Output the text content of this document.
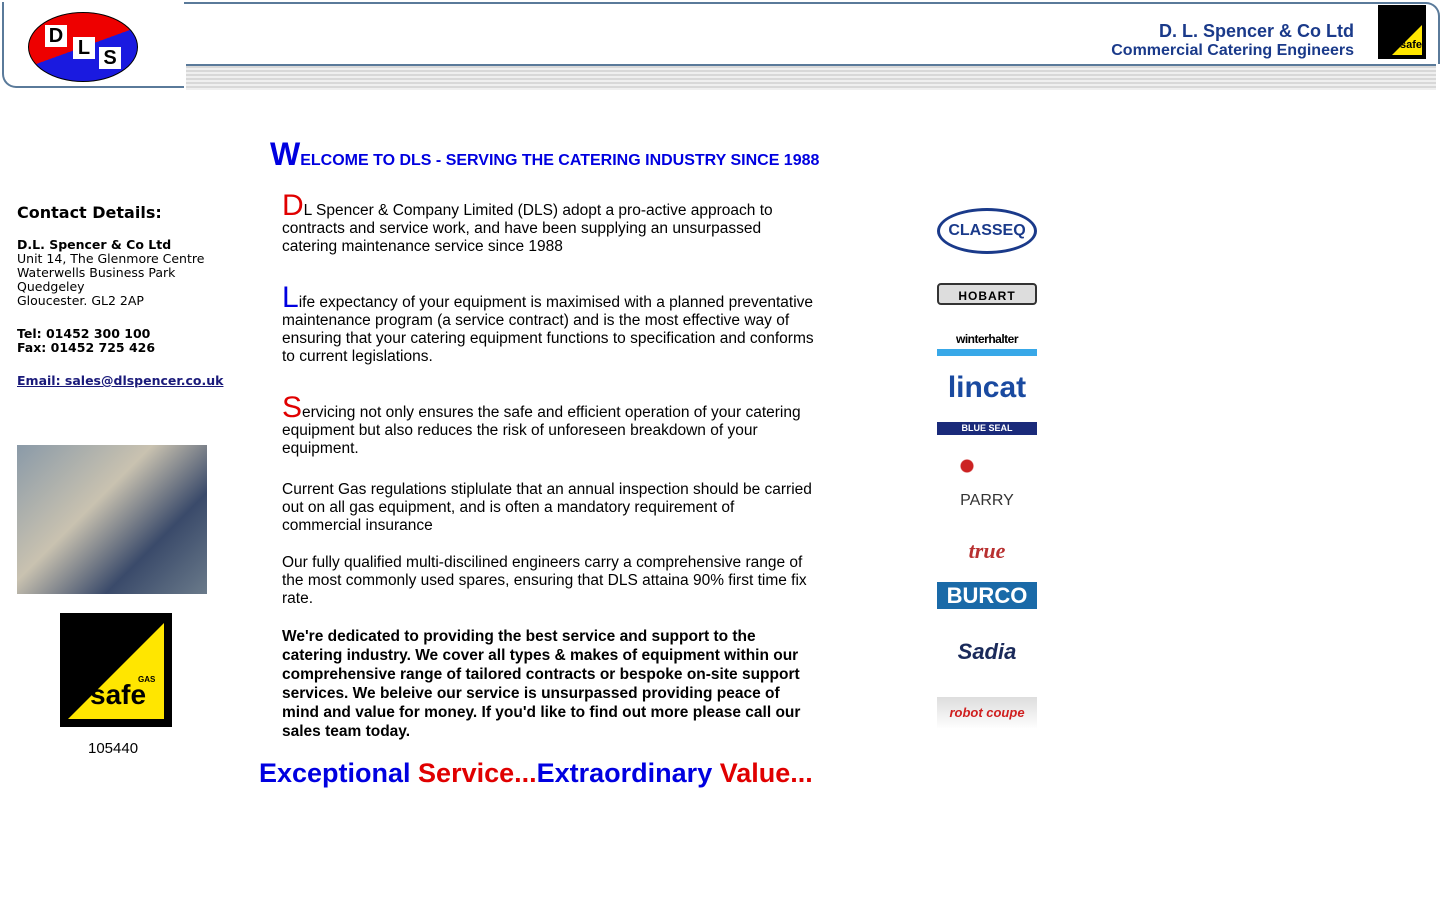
D
L S
D. L. Spencer & Co Ltd
Commercial Catering Engineers	safe
Contact Details:
D.L. Spencer & Co Ltd
Unit 14, The Glenmore Centre
Waterwells Business Park
Quedgeley
Gloucester. GL2 2AP
Tel: 01452 300 100
Fax: 01452 725 426
Email: sales@dlspencer.co.uk
GAS
safe
REGISTER
105440
WELCOME TO DLS - SERVING THE CATERING INDUSTRY SINCE 1988
DL Spencer & Company Limited (DLS) adopt a pro-active approach to contracts and service work, and have been supplying an unsurpassed catering maintenance service since 1988
Life expectancy of your equipment is maximised with a planned preventative maintenance program (a service contract) and is the most effective way of ensuring that your catering equipment functions to specification and conforms to current legislations.
Servicing not only ensures the safe and efficient operation of your catering equipment but also reduces the risk of unforeseen breakdown of your equipment.
Current Gas regulations stiplulate that an annual inspection should be carried out on all gas equipment, and is often a mandatory requirement of commercial insurance
Our fully qualified multi-discilined engineers carry a comprehensive range of the most commonly used spares, ensuring that DLS attaina 90% first time fix rate.
We're dedicated to providing the best service and support to the catering industry. We cover all types & makes of equipment within our comprehensive range of tailored contracts or bespoke on-site support services. We beleive our service is unsurpassed providing peace of mind and value for money. If you'd like to find out more please call our sales team today.
Exceptional Service...Extraordinary Value...
CLASSEQ
HOBART
winterhalter
lincat
BLUE SEAL
PARRY
true
BURCO
Sadia
robot coupe
